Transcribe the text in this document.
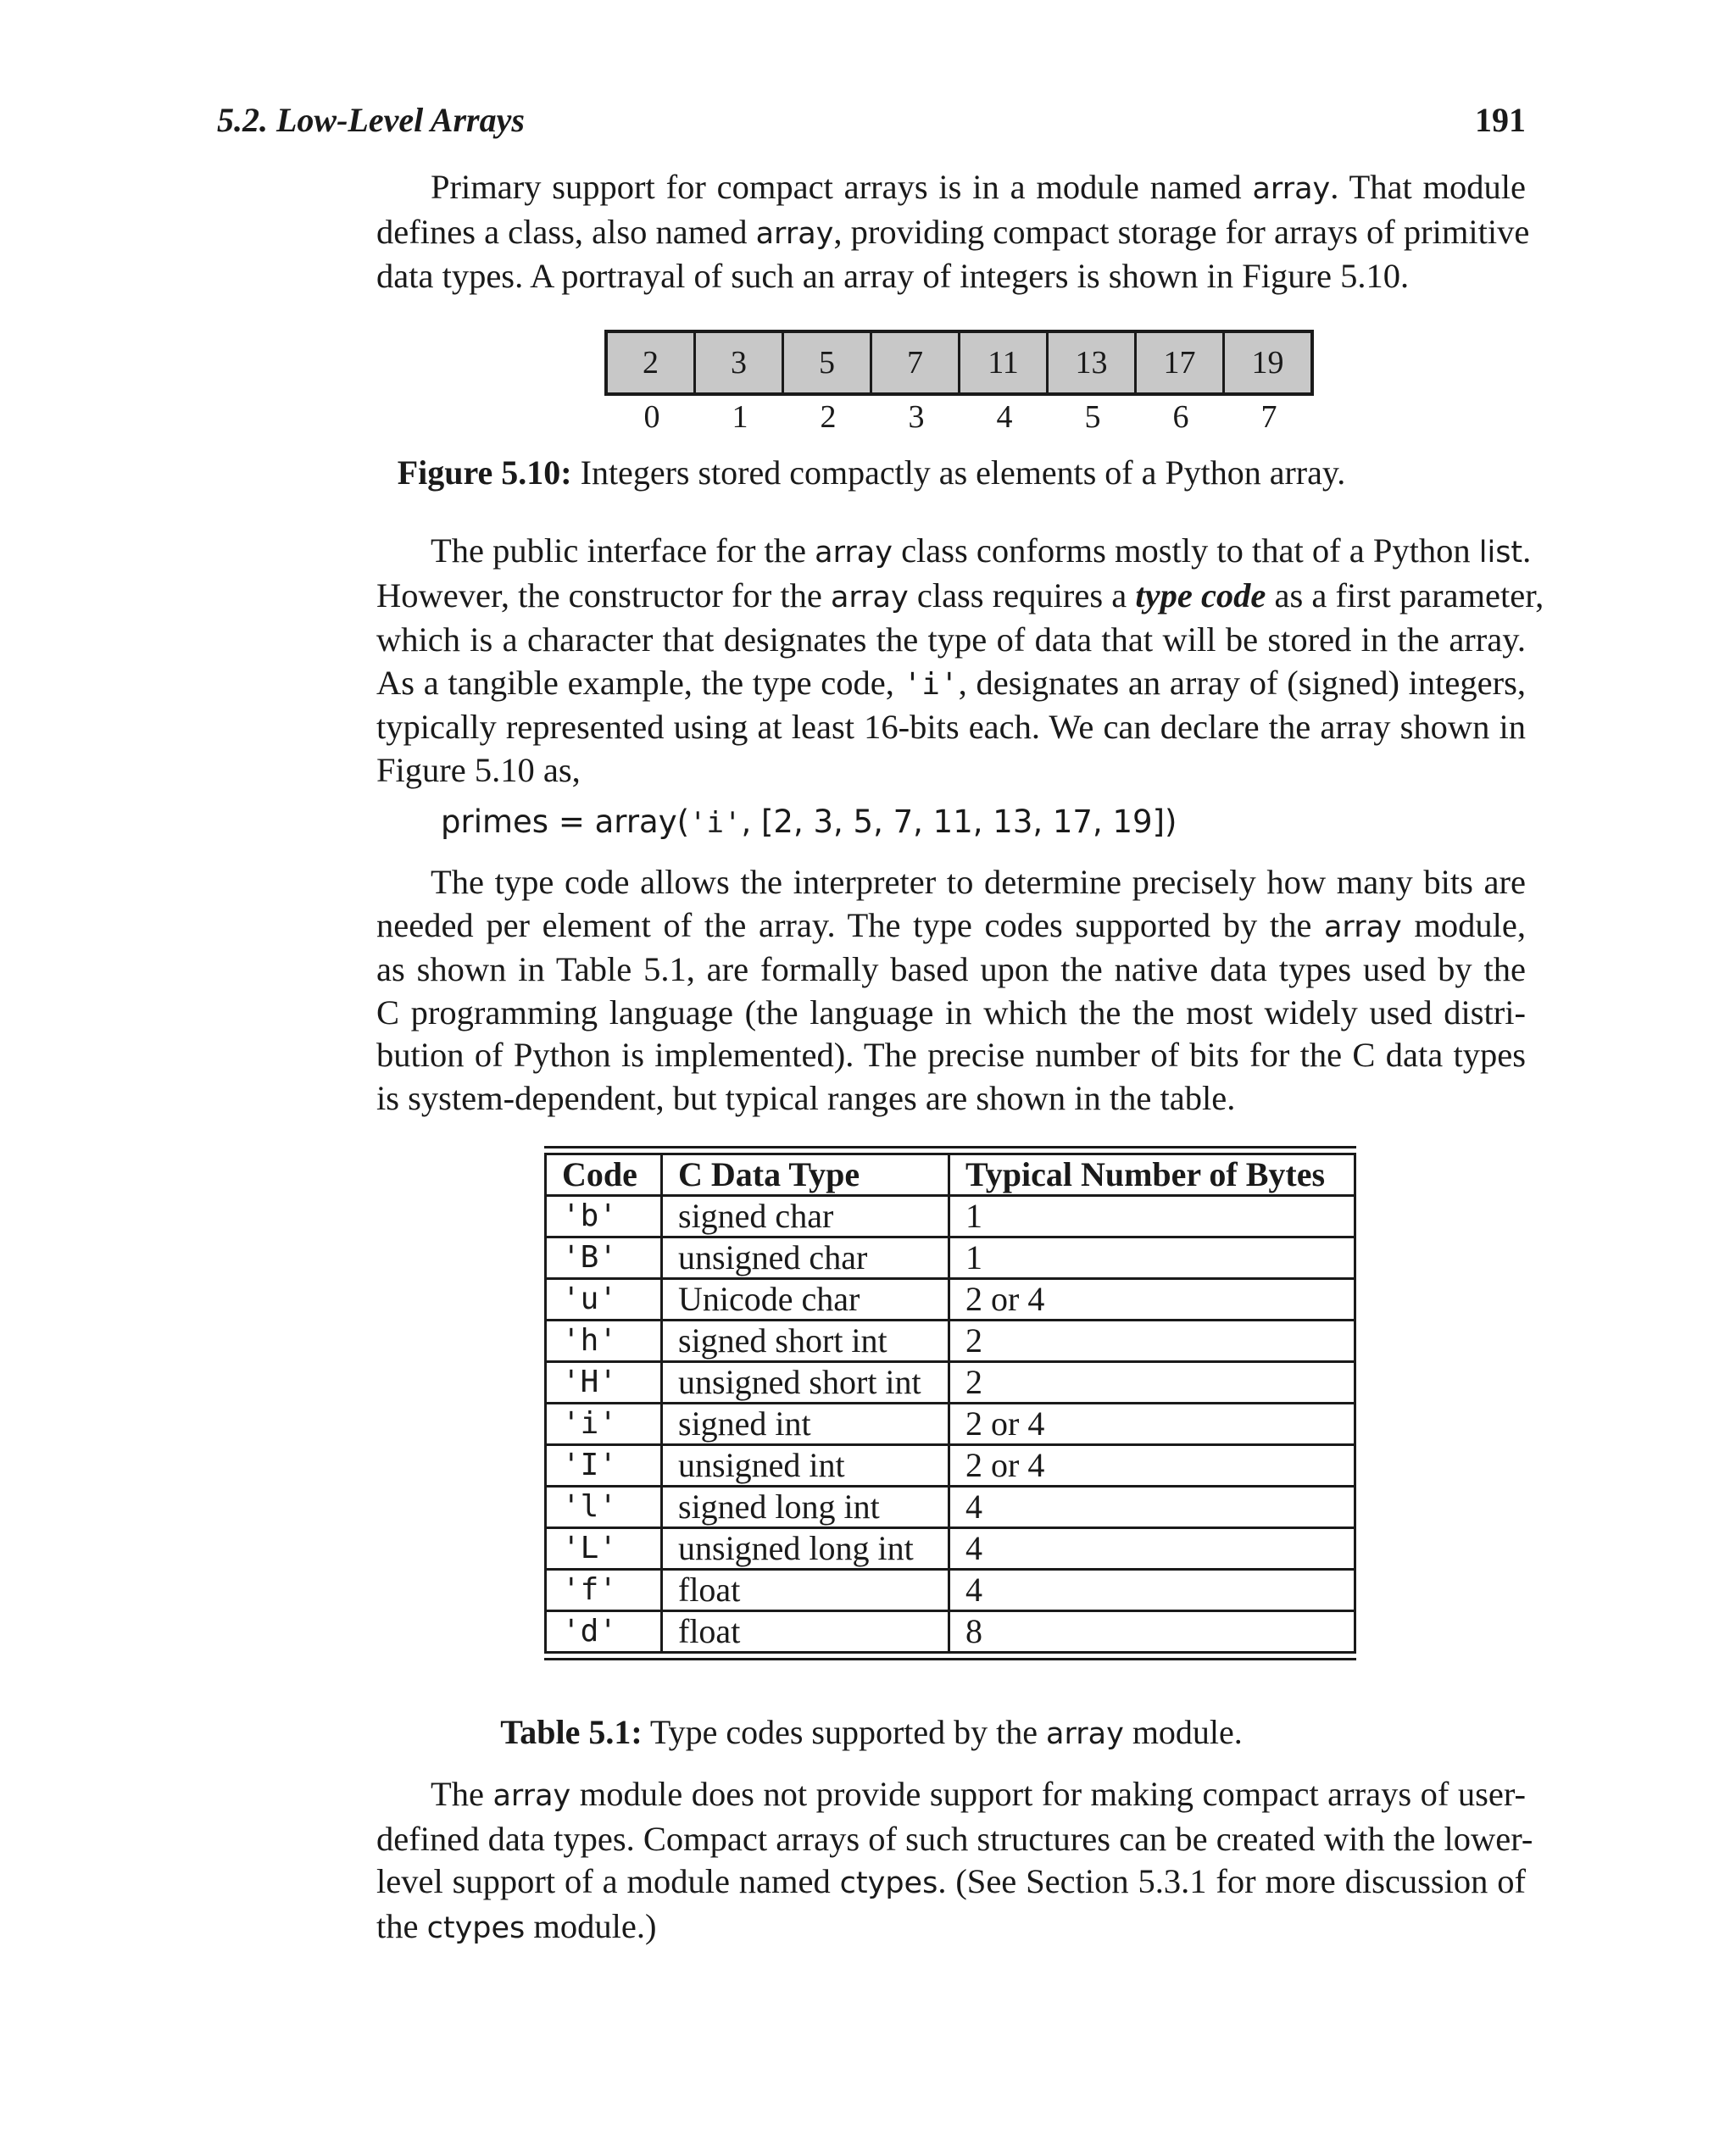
5.2. Low-Level Arrays	191
Primary support for compact arrays is in a module named array. That module
defines a class, also named array, providing compact storage for arrays of primitive
data types. A portrayal of such an array of integers is shown in Figure 5.10.
2	3	5	7	11	13	17	19
0	1	2	3	4	5	6	7
Figure 5.10: Integers stored compactly as elements of a Python array.
The public interface for the array class conforms mostly to that of a Python list.
However, the constructor for the array class requires a type code as a first parameter,
which is a character that designates the type of data that will be stored in the array.
As a tangible example, the type code, 'i', designates an array of (signed) integers,
typically represented using at least 16-bits each. We can declare the array shown in
Figure 5.10 as,
primes = array('i', [2, 3, 5, 7, 11, 13, 17, 19])
The type code allows the interpreter to determine precisely how many bits are
needed per element of the array. The type codes supported by the array module,
as shown in Table 5.1, are formally based upon the native data types used by the
C programming language (the language in which the the most widely used distri-
bution of Python is implemented). The precise number of bits for the C data types
is system-dependent, but typical ranges are shown in the table.
Code	C Data Type	Typical Number of Bytes
'b'	signed char	1
'B'	unsigned char	1
'u'	Unicode char	2 or 4
'h'	signed short int	2
'H'	unsigned short int	2
'i'	signed int	2 or 4
'I'	unsigned int	2 or 4
'l'	signed long int	4
'L'	unsigned long int	4
'f'	float	4
'd'	float	8
Table 5.1: Type codes supported by the array module.
The array module does not provide support for making compact arrays of user-
defined data types. Compact arrays of such structures can be created with the lower-
level support of a module named ctypes. (See Section 5.3.1 for more discussion of
the ctypes module.)
